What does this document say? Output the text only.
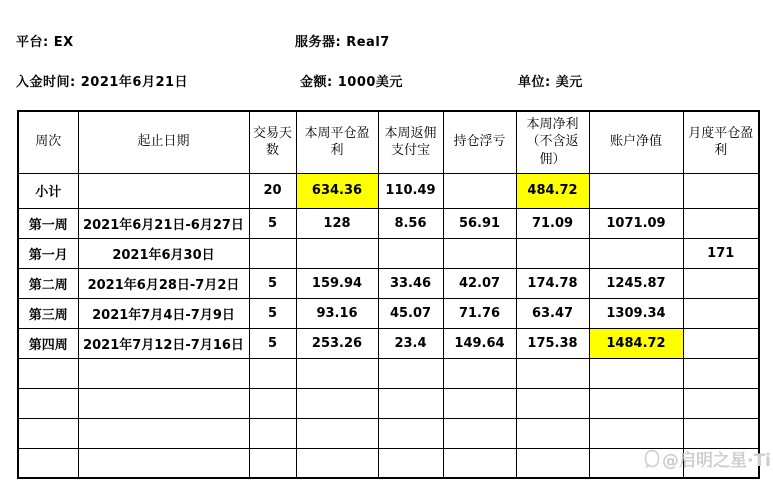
平台: EX	服务器: Real7
入金时间: 2021年6月21日	金额: 1000美元	单位: 美元
周次	起止日期	交易天数	本周平仓盈利	本周返佣支付宝	持仓浮亏	本周净利（不含返佣）	账户净值	月度平仓盈利
小计		20	634.36	110.49		484.72		
第一周	2021年6月21日-6月27日	5	128	8.56	56.91	71.09	1071.09	
第一月	2021年6月30日							171
第二周	2021年6月28日-7月2日	5	159.94	33.46	42.07	174.78	1245.87	
第三周	2021年7月4日-7月9日	5	93.16	45.07	71.76	63.47	1309.34	
第四周	2021年7月12日-7月16日	5	253.26	23.4	149.64	175.38	1484.72	

@启明之星·Ti
